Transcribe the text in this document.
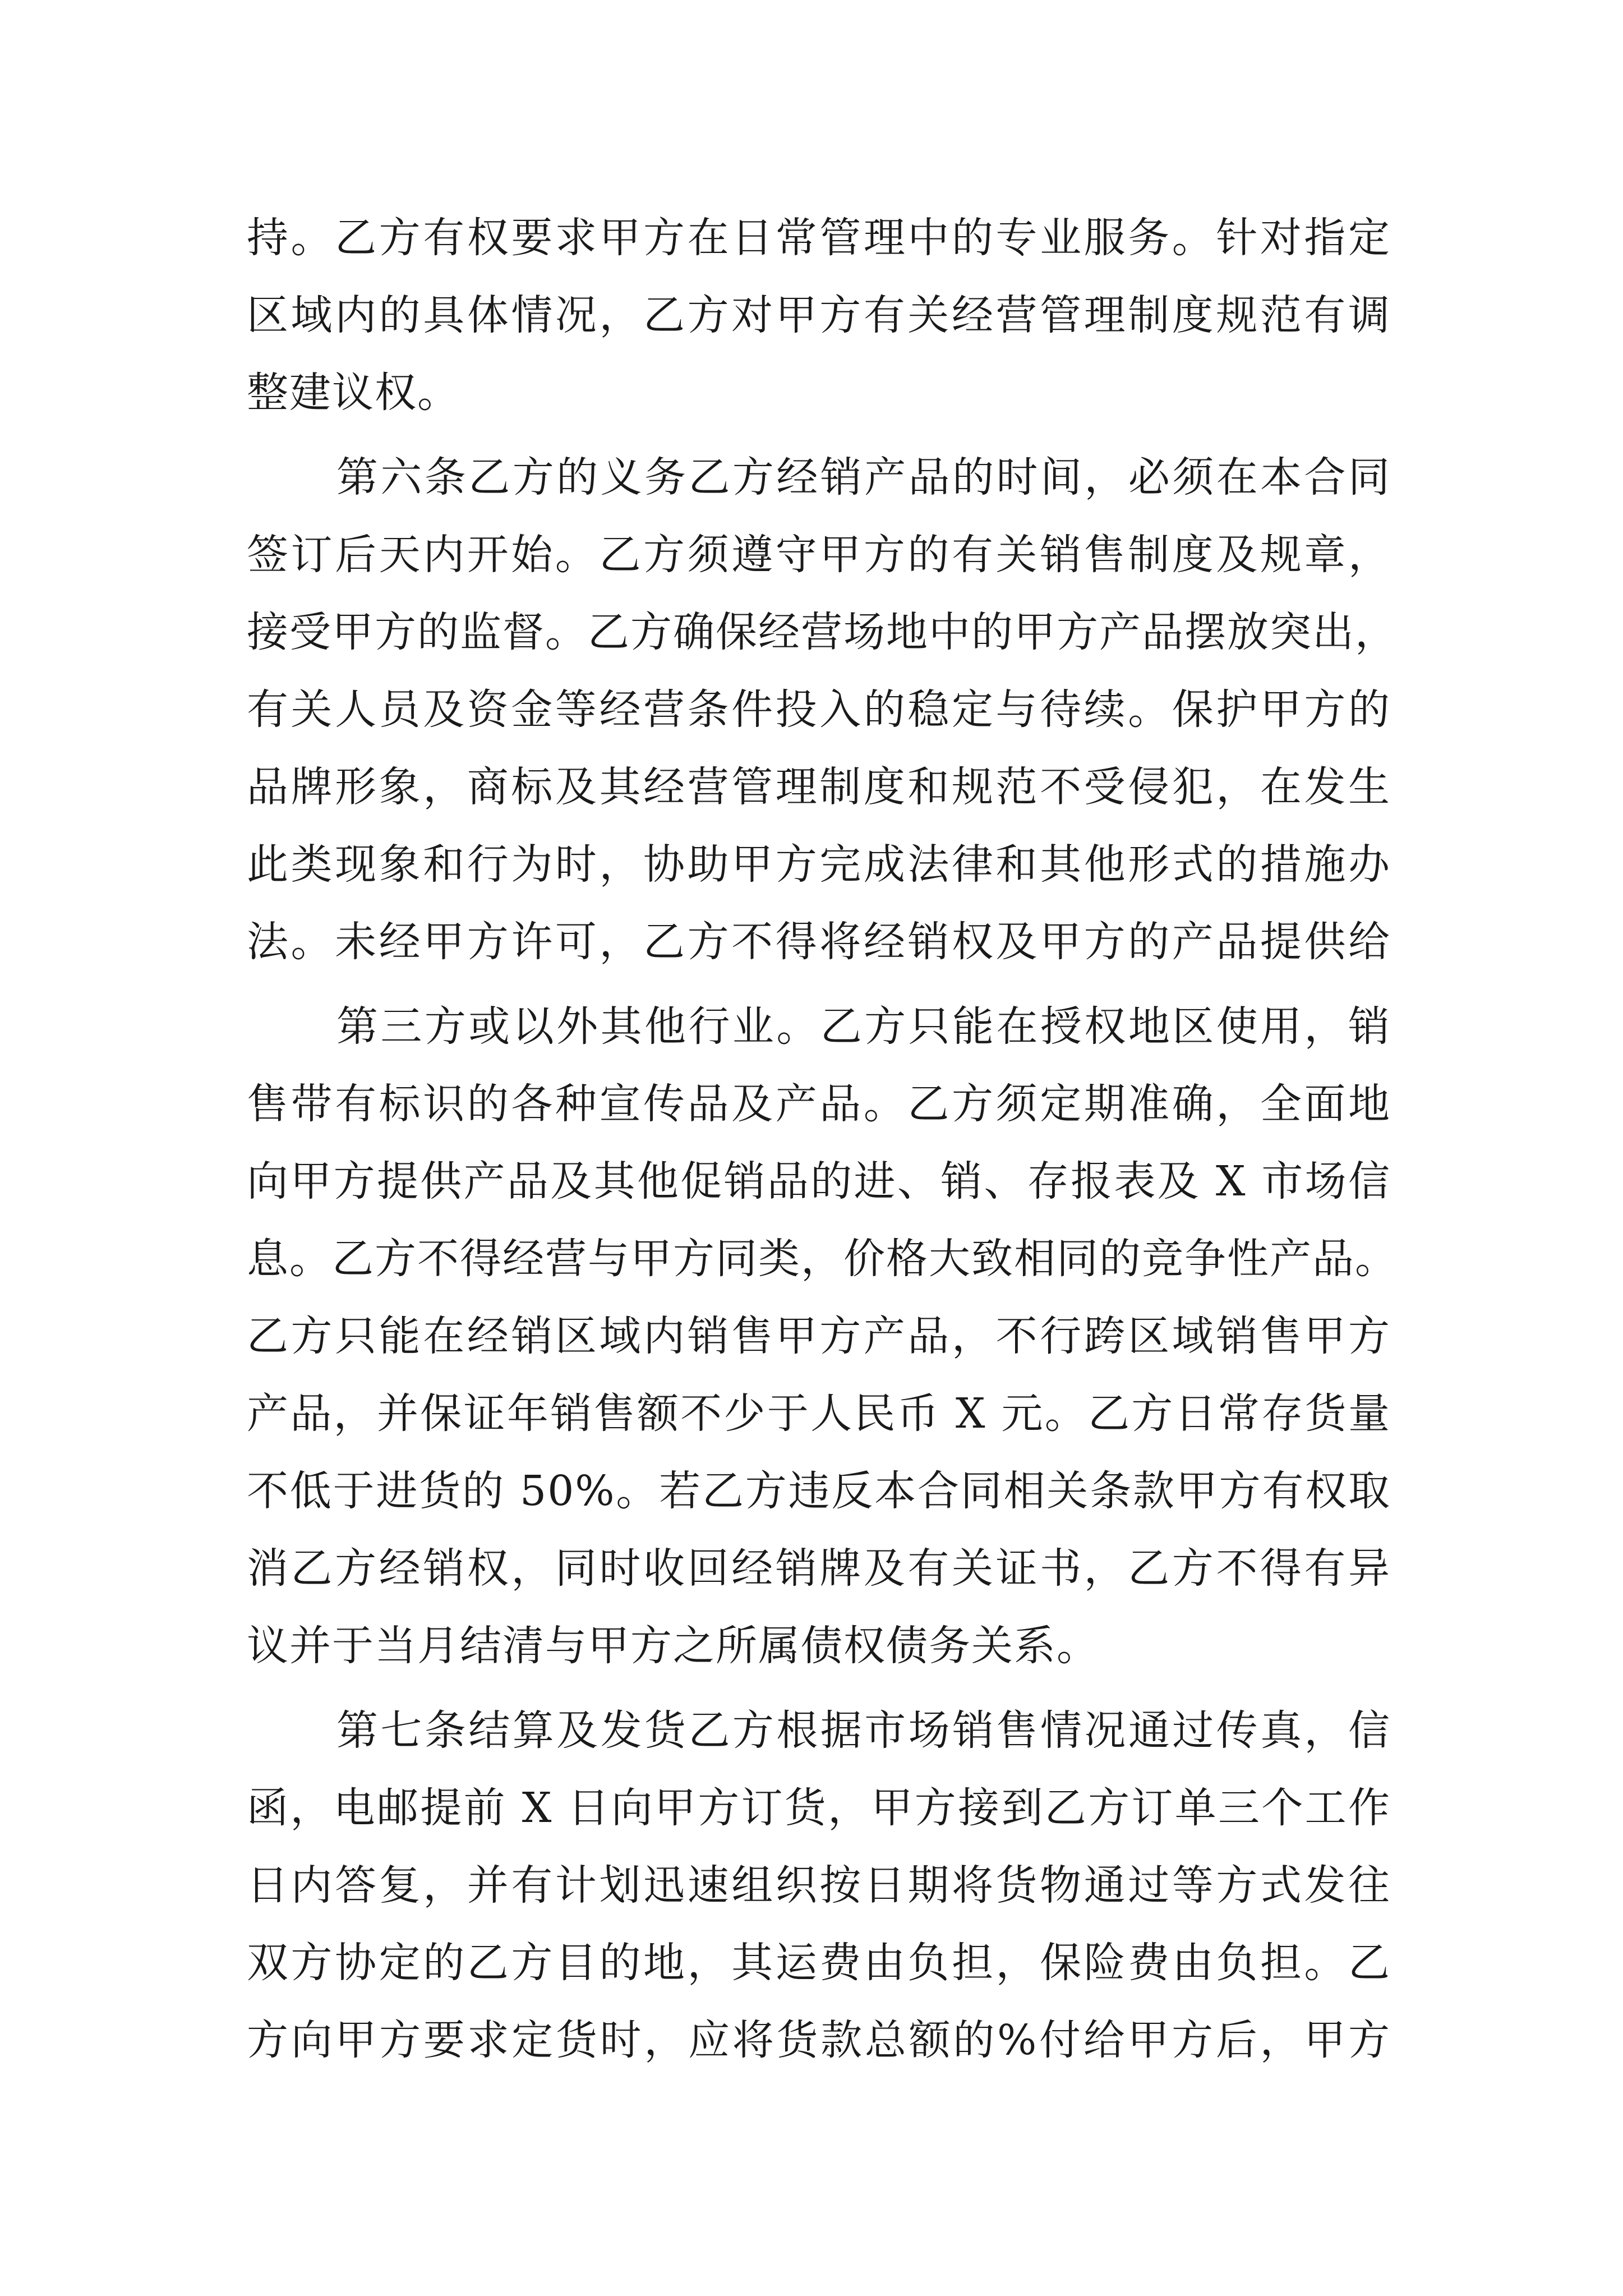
持。乙方有权要求甲方在日常管理中的专业服务。针对指定
区域内的具体情况，乙方对甲方有关经营管理制度规范有调
整建议权。
第六条乙方的义务乙方经销产品的时间，必须在本合同
签订后天内开始。乙方须遵守甲方的有关销售制度及规章，
接受甲方的监督。乙方确保经营场地中的甲方产品摆放突出，
有关人员及资金等经营条件投入的稳定与待续。保护甲方的
品牌形象，商标及其经营管理制度和规范不受侵犯，在发生
此类现象和行为时，协助甲方完成法律和其他形式的措施办
法。未经甲方许可，乙方不得将经销权及甲方的产品提供给
第三方或以外其他行业。乙方只能在授权地区使用，销
售带有标识的各种宣传品及产品。乙方须定期准确，全面地
向甲方提供产品及其他促销品的进、销、存报表及 X 市场信
息。乙方不得经营与甲方同类，价格大致相同的竞争性产品。
乙方只能在经销区域内销售甲方产品，不行跨区域销售甲方
产品，并保证年销售额不少于人民币 X 元。乙方日常存货量
不低于进货的 50%。若乙方违反本合同相关条款甲方有权取
消乙方经销权，同时收回经销牌及有关证书，乙方不得有异
议并于当月结清与甲方之所属债权债务关系。
第七条结算及发货乙方根据市场销售情况通过传真，信
函，电邮提前 X 日向甲方订货，甲方接到乙方订单三个工作
日内答复，并有计划迅速组织按日期将货物通过等方式发往
双方协定的乙方目的地，其运费由负担，保险费由负担。乙
方向甲方要求定货时，应将货款总额的%付给甲方后，甲方
